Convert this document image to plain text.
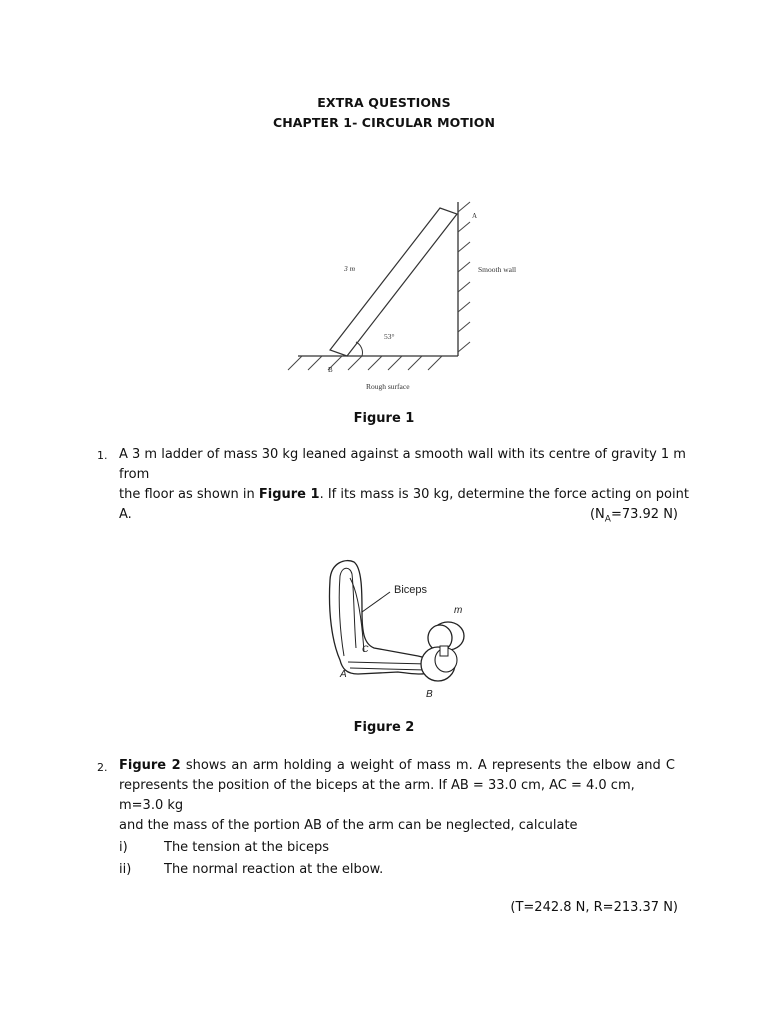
EXTRA QUESTIONS
CHAPTER 1- CIRCULAR MOTION
A
3 m	Smooth wall
53°
B
Rough surface
Figure 1
1. A 3 m ladder of mass 30 kg leaned against a smooth wall with its centre of gravity 1 m from
the floor as shown in Figure 1. If its mass is 30 kg, determine the force acting on point A.	($N_A=73.92$ N)
Biceps
m
C
A
B
Figure 2
2. Figure 2 shows an arm holding a weight of mass m. A represents the elbow and C
represents the position of the biceps at the arm. If AB = 33.0 cm, AC = 4.0 cm, m=3.0 kg
and the mass of the portion AB of the arm can be neglected, calculate
i)	The tension at the biceps
ii)	The normal reaction at the elbow.
(T=242.8 N, R=213.37 N)
